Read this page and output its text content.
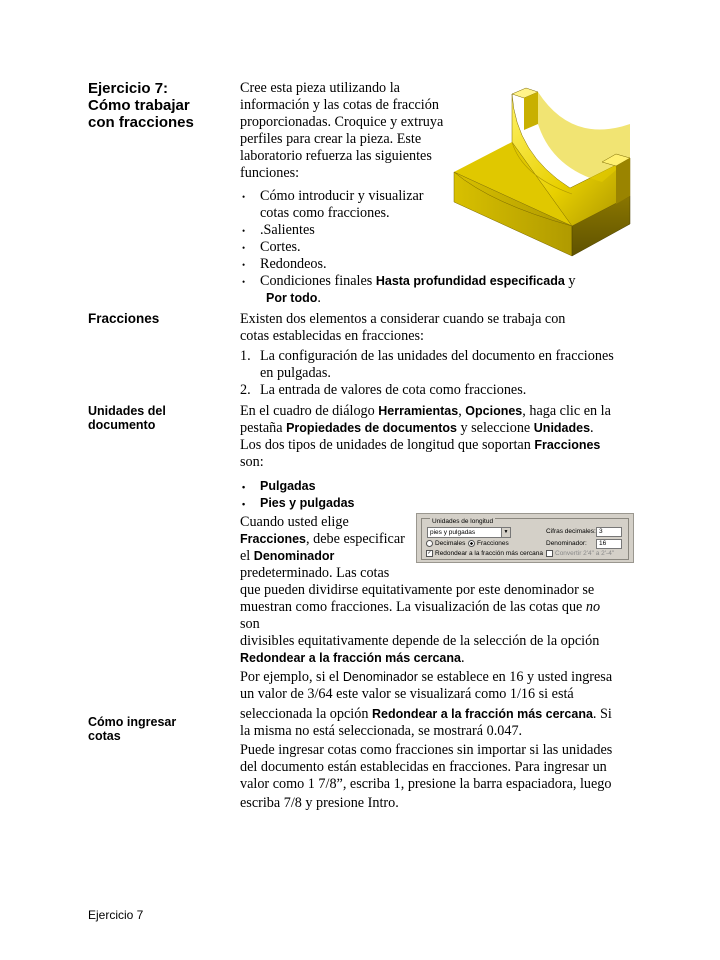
Ejercicio 7:
Cómo trabajar
con fracciones
Cree esta pieza utilizando la
información y las cotas de fracción
proporcionadas. Croquice y extruya
perfiles para crear la pieza. Este
laboratorio refuerza las siguientes
funciones:
• Cómo introducir y visualizar
cotas como fracciones.
• .Salientes
• Cortes.
• Redondeos.
• Condiciones finales Hasta profundidad especificada y
Por todo.
Fracciones	Existen dos elementos a considerar cuando se trabaja con
cotas establecidas en fracciones:
1. La configuración de las unidades del documento en fracciones
en pulgadas.
2. La entrada de valores de cota como fracciones.
Unidades del
documento
En el cuadro de diálogo Herramientas, Opciones, haga clic en la
pestaña Propiedades de documentos y seleccione Unidades.
Los dos tipos de unidades de longitud que soportan Fracciones
son:
• Pulgadas
• Pies y pulgadas
Cuando usted elige
Fracciones, debe especificar
el Denominador
predeterminado. Las cotas
que pueden dividirse equitativamente por este denominador se
muestran como fracciones. La visualización de las cotas que no
son
divisibles equitativamente depende de la selección de la opción
Redondear a la fracción más cercana.
Unidades de longitud
pies y pulgadas	▼	Cifras decimales: 3
Decimales	Fracciones	Denominador:	16
✓ Redondear a la fracción más cercana	Convertir 2'4" a 2'-4"
Cómo ingresar
cotas
Por ejemplo, si el Denominador se establece en 16 y usted ingresa
un valor de 3/64 este valor se visualizará como 1/16 si está
seleccionada la opción Redondear a la fracción más cercana. Si
la misma no está seleccionada, se mostrará 0.047.
Puede ingresar cotas como fracciones sin importar si las unidades
del documento están establecidas en fracciones. Para ingresar un
valor como 1 7/8”, escriba 1, presione la barra espaciadora, luego
escriba 7/8 y presione Intro.
Ejercicio 7
